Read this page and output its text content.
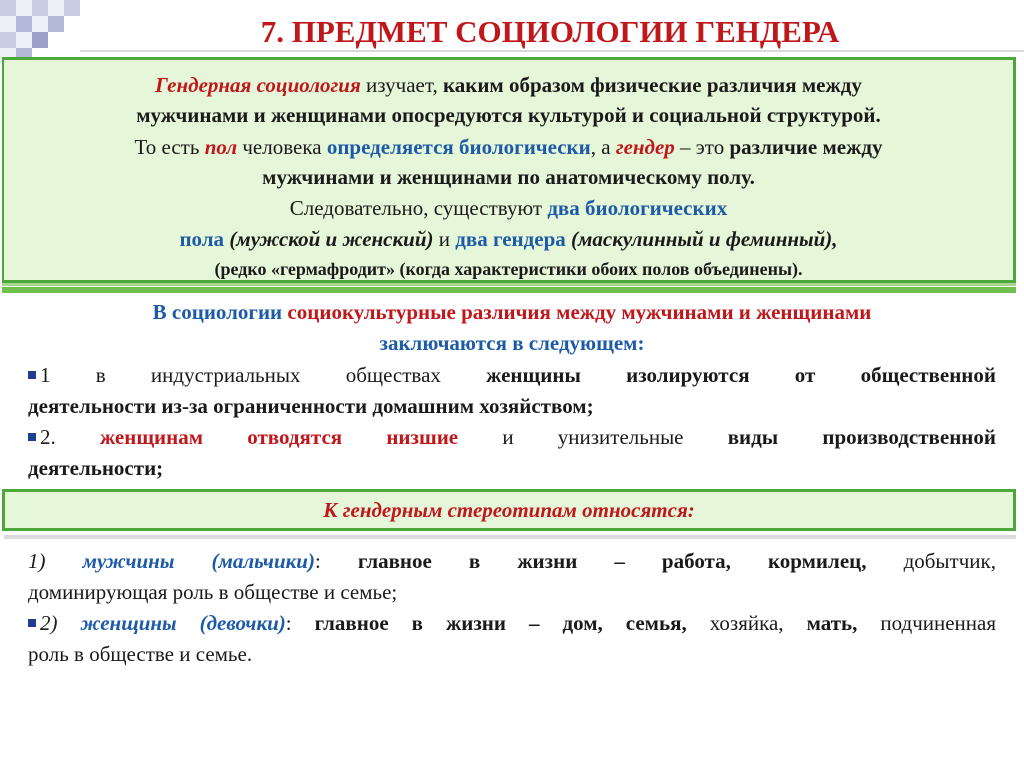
7. ПРЕДМЕТ СОЦИОЛОГИИ ГЕНДЕРА
Гендерная социология изучает, каким образом физические различия между
мужчинами и женщинами опосредуются культурой и социальной структурой.
То есть пол человека определяется биологически, а гендер – это различие между
мужчинами и женщинами по анатомическому полу.
Следовательно, существуют два биологических
пола (мужской и женский) и два гендера (маскулинный и феминный),
(редко «гермафродит» (когда характеристики обоих полов объединены).
В социологии социокультурные различия между мужчинами и женщинами
заключаются в следующем:
1 в индустриальных обществах женщины изолируются от общественной
деятельности из-за ограниченности домашним хозяйством;
2. женщинам отводятся низшие и унизительные виды производственной
деятельности;
К гендерным стереотипам относятся:
1) мужчины (мальчики): главное в жизни – работа, кормилец, добытчик,
доминирующая роль в обществе и семье;
2) женщины (девочки): главное в жизни – дом, семья, хозяйка, мать, подчиненная
роль в обществе и семье.
